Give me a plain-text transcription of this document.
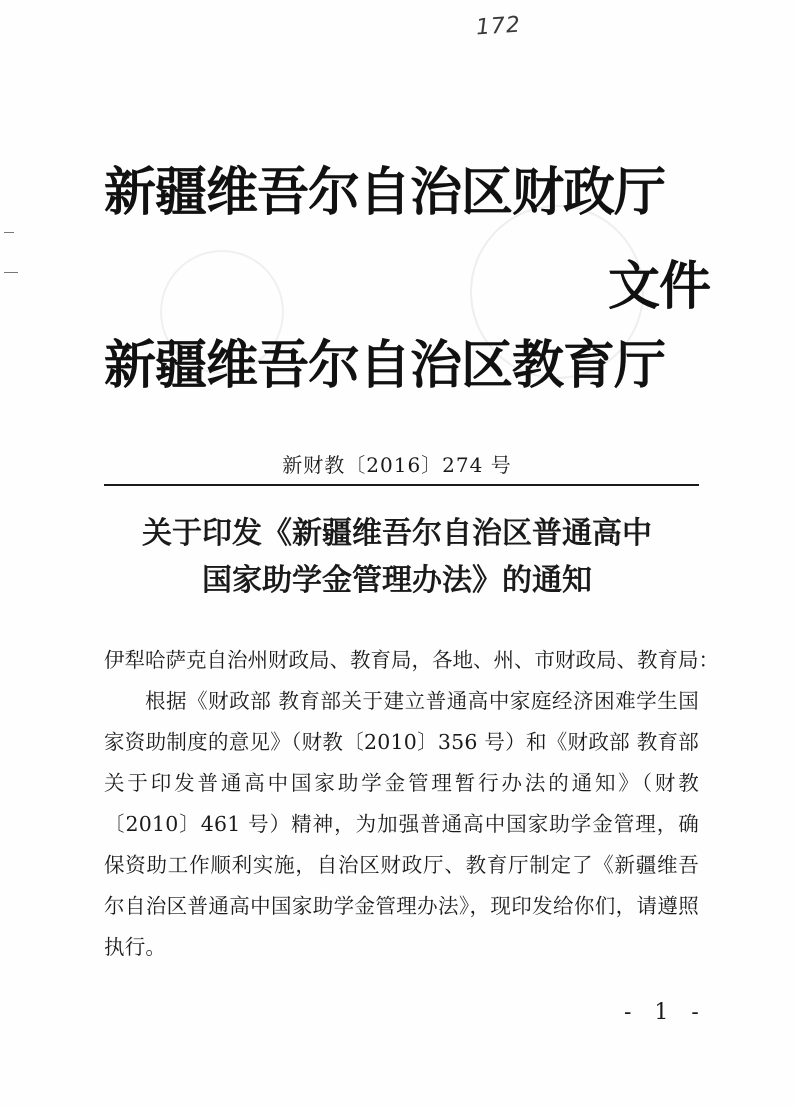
172
新疆维吾尔自治区财政厅
文件
新疆维吾尔自治区教育厅
新财教〔2016〕274 号
关于印发《新疆维吾尔自治区普通高中
国家助学金管理办法》的通知
伊犁哈萨克自治州财政局、教育局，各地、州、市财政局、教育局：
根据《财政部 教育部关于建立普通高中家庭经济困难学生国家资助制度的意见》（财教〔2010〕356 号）和《财政部 教育部关于印发普通高中国家助学金管理暂行办法的通知》（财教〔2010〕461 号）精神，为加强普通高中国家助学金管理，确保资助工作顺利实施，自治区财政厅、教育厅制定了《新疆维吾尔自治区普通高中国家助学金管理办法》，现印发给你们，请遵照执行。
- 1 -
